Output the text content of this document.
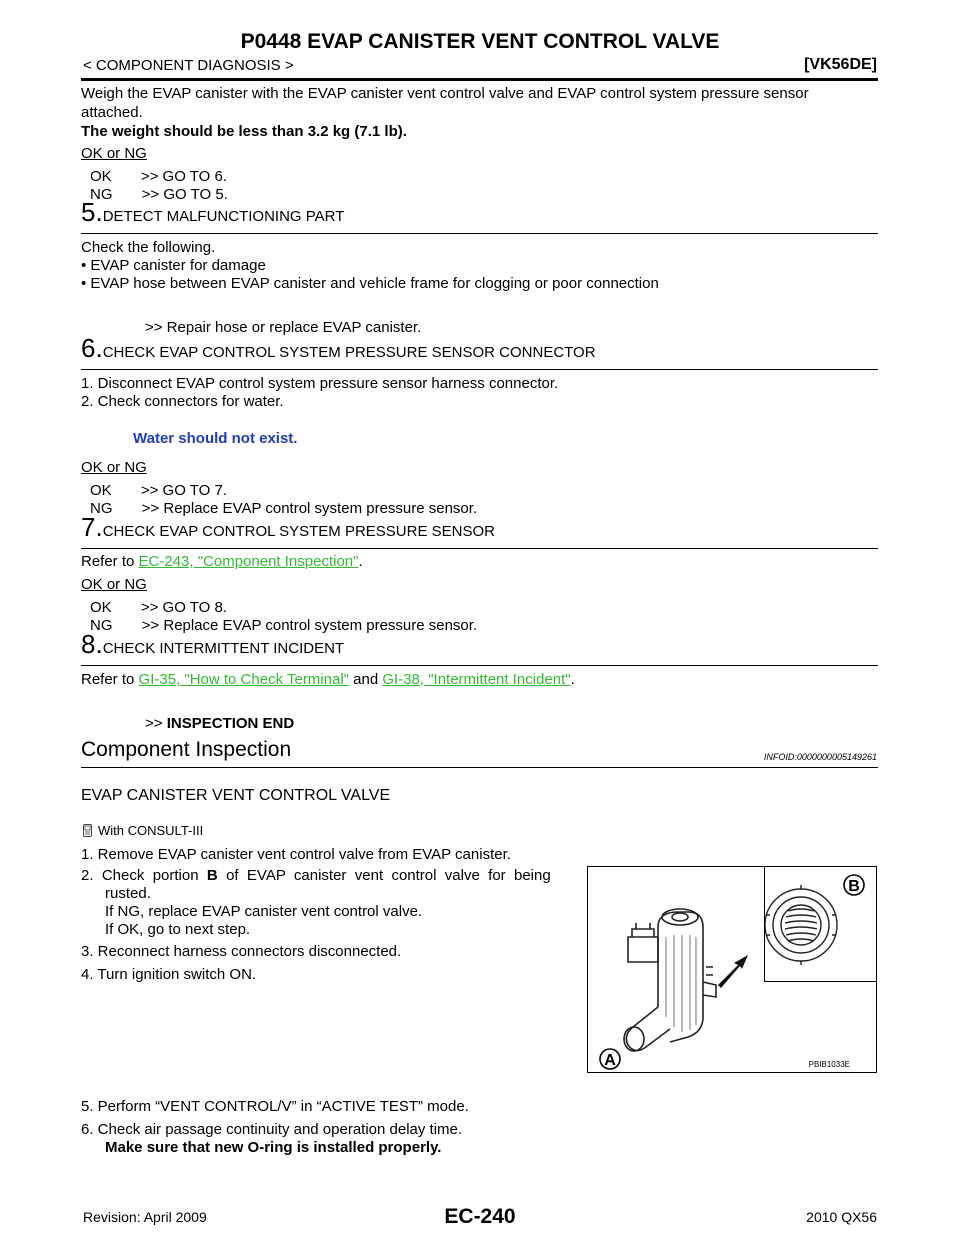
P0448 EVAP CANISTER VENT CONTROL VALVE
< COMPONENT DIAGNOSIS >	[VK56DE]
Weigh the EVAP canister with the EVAP canister vent control valve and EVAP control system pressure sensor
attached.
The weight should be less than 3.2 kg (7.1 lb).
OK or NG
OK       >> GO TO 6.
NG       >> GO TO 5.
5.DETECT MALFUNCTIONING PART
Check the following.
• EVAP canister for damage
• EVAP hose between EVAP canister and vehicle frame for clogging or poor connection
>> Repair hose or replace EVAP canister.
6.CHECK EVAP CONTROL SYSTEM PRESSURE SENSOR CONNECTOR
1. Disconnect EVAP control system pressure sensor harness connector.
2. Check connectors for water.
Water should not exist.
OK or NG
OK       >> GO TO 7.
NG       >> Replace EVAP control system pressure sensor.
7.CHECK EVAP CONTROL SYSTEM PRESSURE SENSOR
Refer to EC-243, "Component Inspection".
OK or NG
OK       >> GO TO 8.
NG       >> Replace EVAP control system pressure sensor.
8.CHECK INTERMITTENT INCIDENT
Refer to GI-35, "How to Check Terminal" and GI-38, "Intermittent Incident".
>> INSPECTION END
Component Inspection	INFOID:0000000005149261
EVAP CANISTER VENT CONTROL VALVE
With CONSULT-III
1. Remove EVAP canister vent control valve from EVAP canister.
2.  Check  portion  B  of  EVAP  canister  vent  control  valve  for  being
rusted.
If NG, replace EVAP canister vent control valve.
If OK, go to next step.
3. Reconnect harness connectors disconnected.
4. Turn ignition switch ON.
5. Perform “VENT CONTROL/V” in “ACTIVE TEST” mode.
6. Check air passage continuity and operation delay time.
Make sure that new O-ring is installed properly.
B
A	PBIB1033E
Revision: April 2009	EC-240	2010 QX56
